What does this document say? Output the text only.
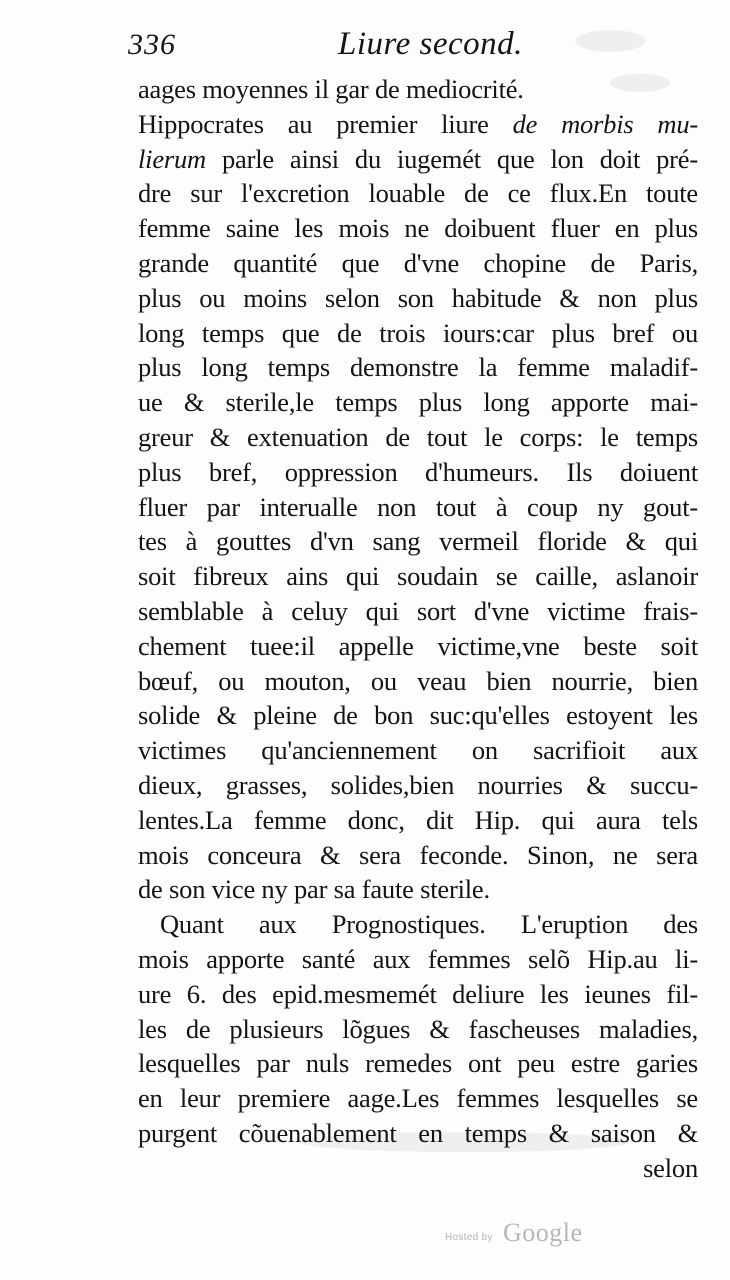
336	Liure second.
aages moyennes il gar de mediocrité.
Hippocrates au premier liure de morbis mu-
lierum parle ainsi du iugemét que lon doit pré-
dre sur l'excretion louable de ce flux.En toute
femme saine les mois ne doibuent fluer en plus
grande quantité que d'vne chopine de Paris,
plus ou moins selon son habitude & non plus
long temps que de trois iours:car plus bref ou
plus long temps demonstre la femme maladif-
ue & sterile,le temps plus long apporte mai-
greur & extenuation de tout le corps: le temps
plus bref, oppression d'humeurs. Ils doiuent
fluer par interualle non tout à coup ny gout-
tes à gouttes d'vn sang vermeil floride & qui
soit fibreux ains qui soudain se caille, aslanoir
semblable à celuy qui sort d'vne victime frais-
chement tuee:il appelle victime,vne beste soit
bœuf, ou mouton, ou veau bien nourrie, bien
solide & pleine de bon suc:qu'elles estoyent les
victimes qu'anciennement on sacrifioit aux
dieux, grasses, solides,bien nourries & succu-
lentes.La femme donc, dit Hip. qui aura tels
mois conceura & sera feconde. Sinon, ne sera
de son vice ny par sa faute sterile.
Quant aux Prognostiques. L'eruption des
mois apporte santé aux femmes selõ Hip.au li-
ure 6. des epid.mesmemét deliure les ieunes fil-
les de plusieurs lõgues & fascheuses maladies,
lesquelles par nuls remedes ont peu estre garies
en leur premiere aage.Les femmes lesquelles se
purgent cõuenablement en temps & saison &
selon
Hosted by Google
